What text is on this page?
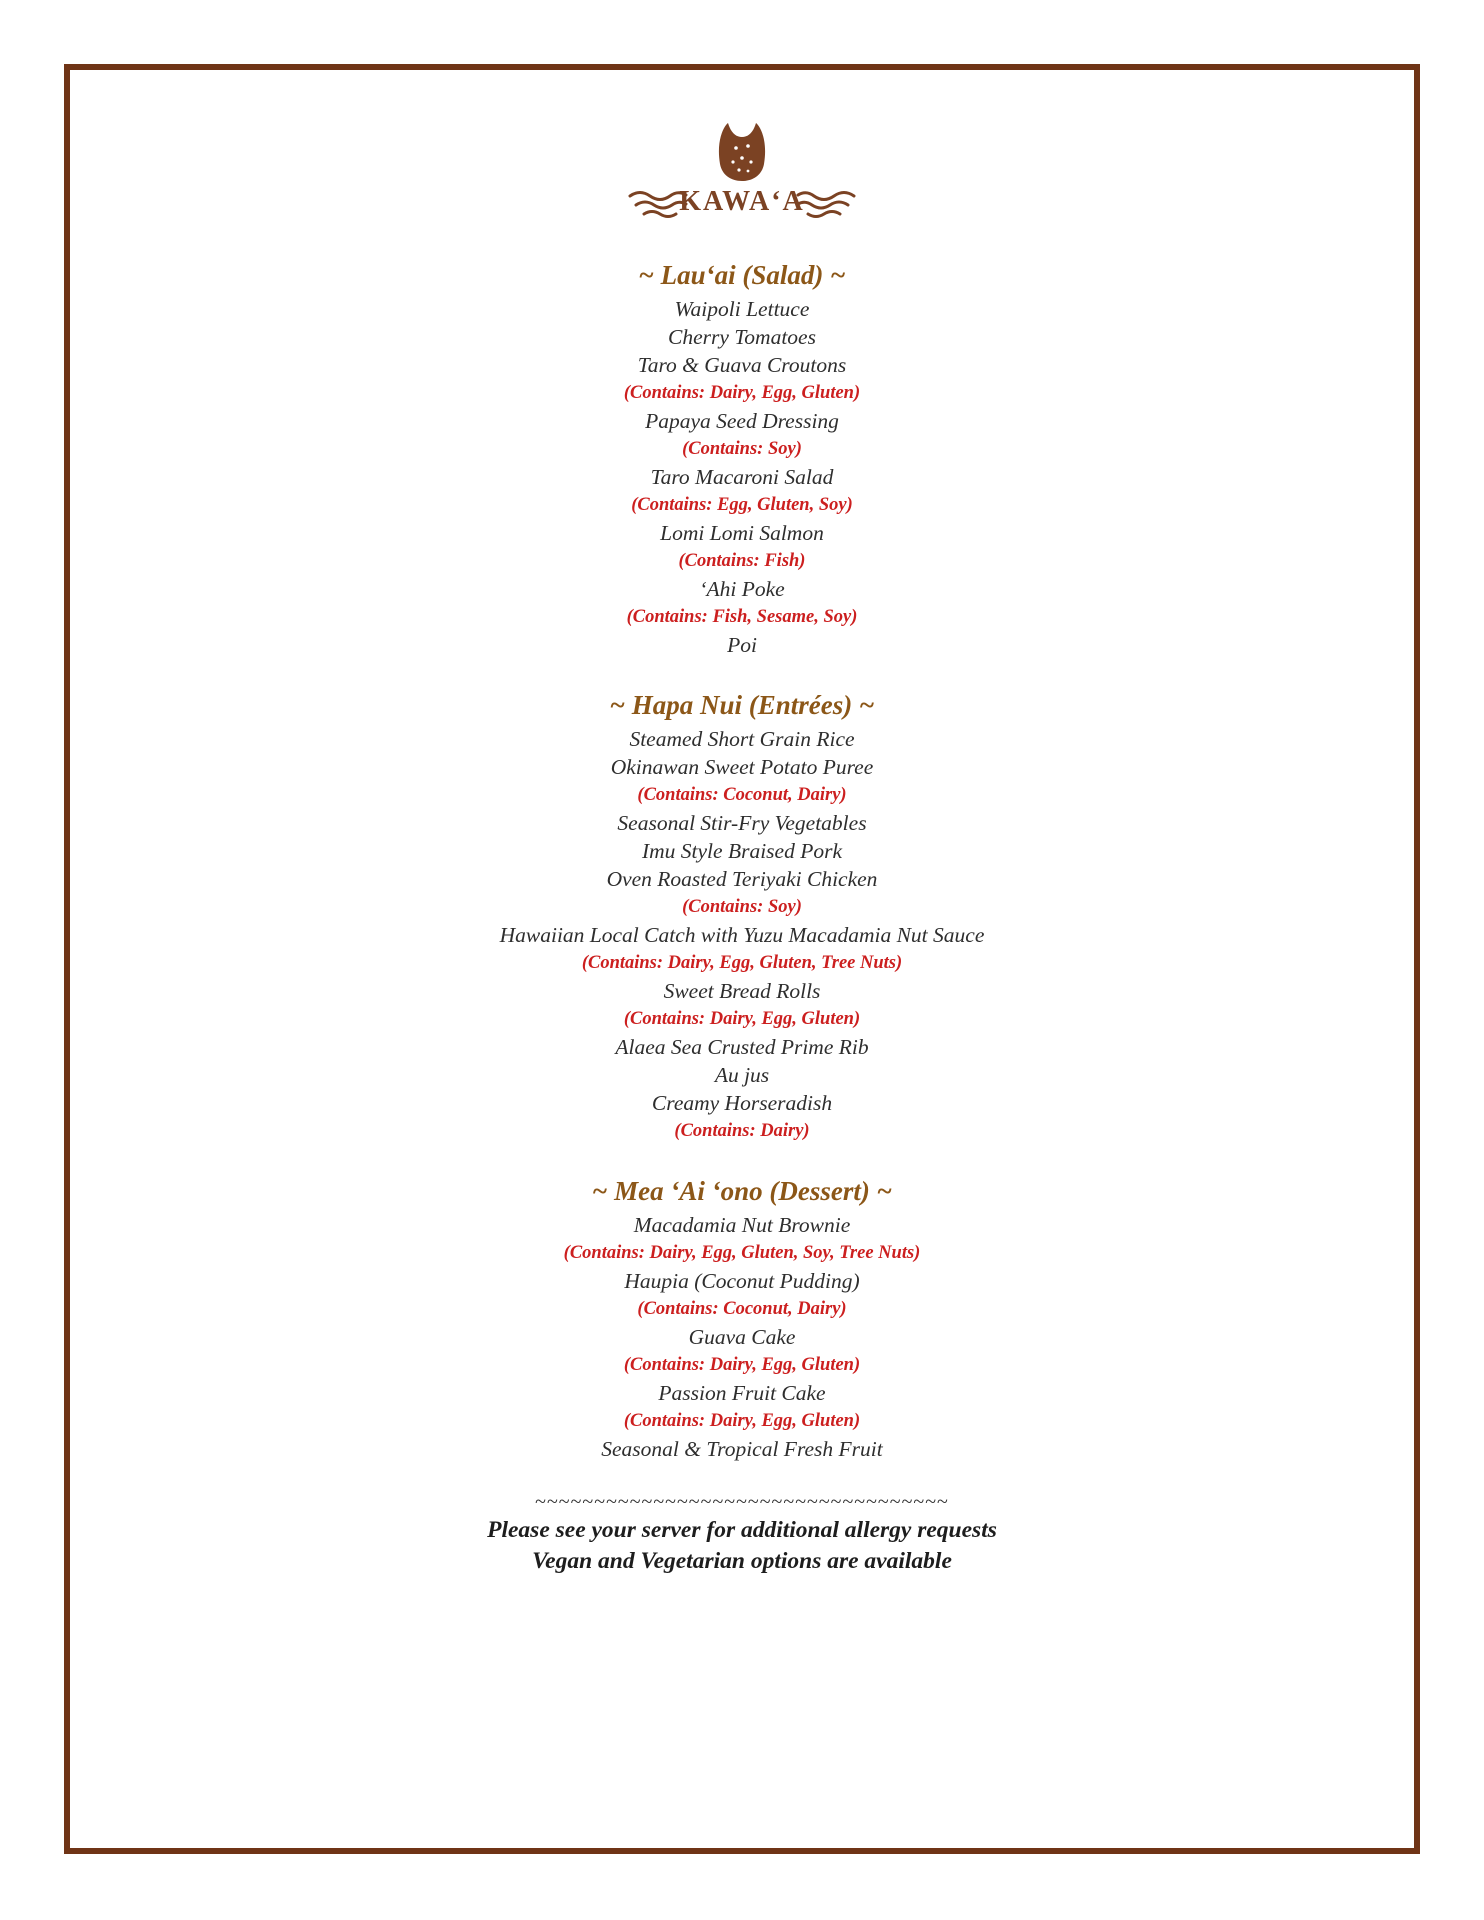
KAWAʻA
~ Lau‘ai (Salad) ~
Waipoli Lettuce
Cherry Tomatoes
Taro & Guava Croutons
(Contains: Dairy, Egg, Gluten)
Papaya Seed Dressing
(Contains: Soy)
Taro Macaroni Salad
(Contains: Egg, Gluten, Soy)
Lomi Lomi Salmon
(Contains: Fish)
‘Ahi Poke
(Contains: Fish, Sesame, Soy)
Poi
~ Hapa Nui (Entrées) ~
Steamed Short Grain Rice
Okinawan Sweet Potato Puree
(Contains: Coconut, Dairy)
Seasonal Stir-Fry Vegetables
Imu Style Braised Pork
Oven Roasted Teriyaki Chicken
(Contains: Soy)
Hawaiian Local Catch with Yuzu Macadamia Nut Sauce
(Contains: Dairy, Egg, Gluten, Tree Nuts)
Sweet Bread Rolls
(Contains: Dairy, Egg, Gluten)
Alaea Sea Crusted Prime Rib
Au jus
Creamy Horseradish
(Contains: Dairy)
~ Mea ‘Ai ‘ono (Dessert) ~
Macadamia Nut Brownie
(Contains: Dairy, Egg, Gluten, Soy, Tree Nuts)
Haupia (Coconut Pudding)
(Contains: Coconut, Dairy)
Guava Cake
(Contains: Dairy, Egg, Gluten)
Passion Fruit Cake
(Contains: Dairy, Egg, Gluten)
Seasonal & Tropical Fresh Fruit
~~~~~~~~~~~~~~~~~~~~~~~~~~~~~~~~~~~
Please see your server for additional allergy requests
Vegan and Vegetarian options are available
